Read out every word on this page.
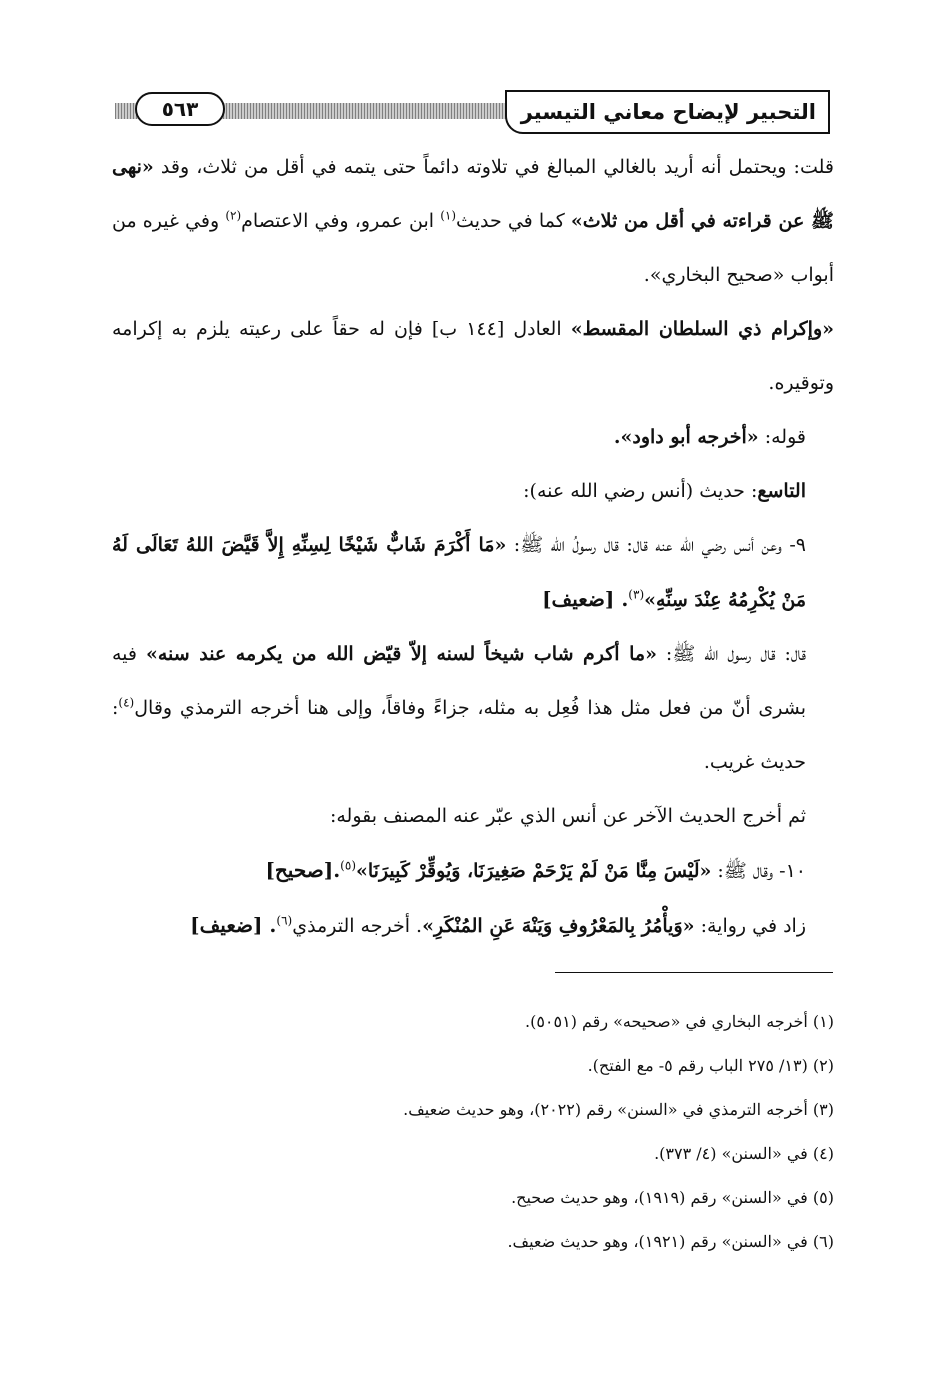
التحبير لإيضاح معاني التيسير
٥٦٣

قلت: ويحتمل أنه أريد بالغالي المبالغ في تلاوته دائماً حتى يتمه في أقل من ثلاث، وقد «نهى ﷺ عن قراءته في أقل من ثلاث» كما في حديث$^{(١)}$ ابن عمرو، وفي الاعتصام$^{(٢)}$ وفي غيره من أبواب «صحيح البخاري».

«وإكرام ذي السلطان المقسط» العادل [١٤٤ ب] فإن له حقاً على رعيته يلزم به إكرامه وتوقيره.

قوله: «أخرجه أبو داود».

التاسع: حديث (أنس رضي الله عنه):

٩- وعن أنس رضي الله عنه قال: قال رسولُ الله ﷺ: «مَا أَكْرَمَ شَابٌّ شَيْخًا لِسِنِّهِ إِلاَّ قَيَّضَ اللهُ تَعَالَى لَهُ مَنْ يُكْرِمُهُ عِنْدَ سِنِّهِ»$^{(٣)}$. [ضعيف]

قال: قال رسول الله ﷺ: «ما أكرم شاب شيخاً لسنه إلاّ قيّض الله من يكرمه عند سنه» فيه بشرى أنّ من فعل مثل هذا فُعِل به مثله، جزاءً وفاقاً، وإلى هنا أخرجه الترمذي وقال$^{(٤)}$: حديث غريب.

ثم أخرج الحديث الآخر عن أنس الذي عبّر عنه المصنف بقوله:

١٠- وقال ﷺ: «لَيْسَ مِنَّا مَنْ لَمْ يَرْحَمْ صَغِيرَنَا، وَيُوقِّرْ كَبِيرَنَا»$^{(٥)}$.[صحيح]

زاد في رواية: «وَيأْمُرُ بِالمَعْرُوفِ وَيَنْهَ عَنِ المُنْكَرِ». أخرجه الترمذي$^{(٦)}$. [ضعيف]

(١) أخرجه البخاري في «صحيحه» رقم (٥٠٥١).

(٢) (١٣/ ٢٧٥ الباب رقم ٥- مع الفتح).

(٣) أخرجه الترمذي في «السنن» رقم (٢٠٢٢)، وهو حديث ضعيف.

(٤) في «السنن» (٤/ ٣٧٣).

(٥) في «السنن» رقم (١٩١٩)، وهو حديث صحيح.

(٦) في «السنن» رقم (١٩٢١)، وهو حديث ضعيف.
